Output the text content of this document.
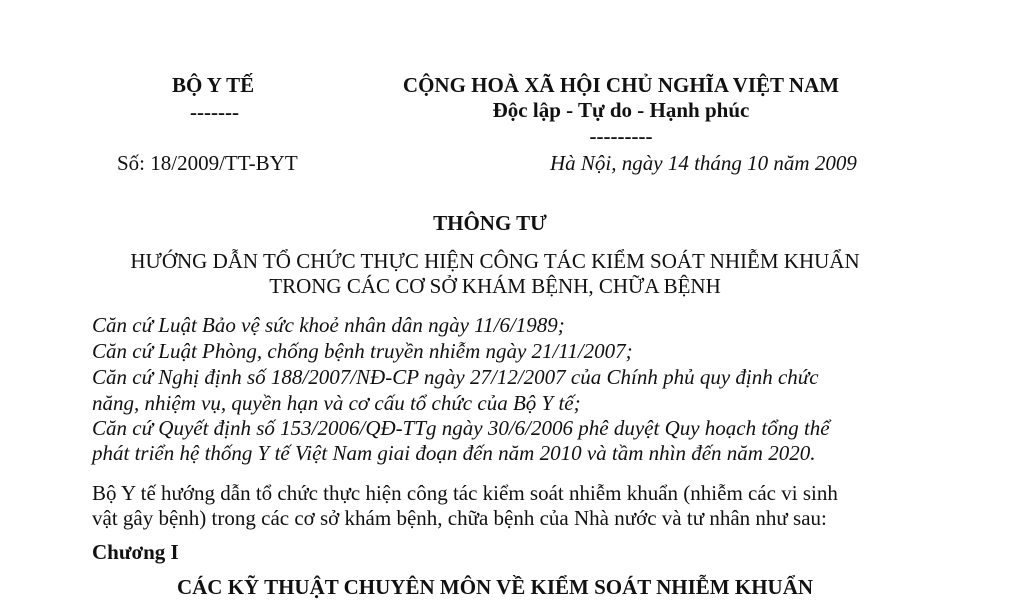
BỘ Y TẾ
-------
CỘNG HOÀ XÃ HỘI CHỦ NGHĨA VIỆT NAM
Độc lập - Tự do - Hạnh phúc
---------
Số: 18/2009/TT-BYT	Hà Nội, ngày 14 tháng 10 năm 2009
THÔNG TƯ
HƯỚNG DẪN TỔ CHỨC THỰC HIỆN CÔNG TÁC KIỂM SOÁT NHIỄM KHUẨN
TRONG CÁC CƠ SỞ KHÁM BỆNH, CHỮA BỆNH
Căn cứ Luật Bảo vệ sức khoẻ nhân dân ngày 11/6/1989;
Căn cứ Luật Phòng, chống bệnh truyền nhiễm ngày 21/11/2007;
Căn cứ Nghị định số 188/2007/NĐ-CP ngày 27/12/2007 của Chính phủ quy định chức
năng, nhiệm vụ, quyền hạn và cơ cấu tổ chức của Bộ Y tế;
Căn cứ Quyết định số 153/2006/QĐ-TTg ngày 30/6/2006 phê duyệt Quy hoạch tổng thể
phát triển hệ thống Y tế Việt Nam giai đoạn đến năm 2010 và tầm nhìn đến năm 2020.
Bộ Y tế hướng dẫn tổ chức thực hiện công tác kiểm soát nhiễm khuẩn (nhiễm các vi sinh
vật gây bệnh) trong các cơ sở khám bệnh, chữa bệnh của Nhà nước và tư nhân như sau:
Chương I
CÁC KỸ THUẬT CHUYÊN MÔN VỀ KIỂM SOÁT NHIỄM KHUẨN
